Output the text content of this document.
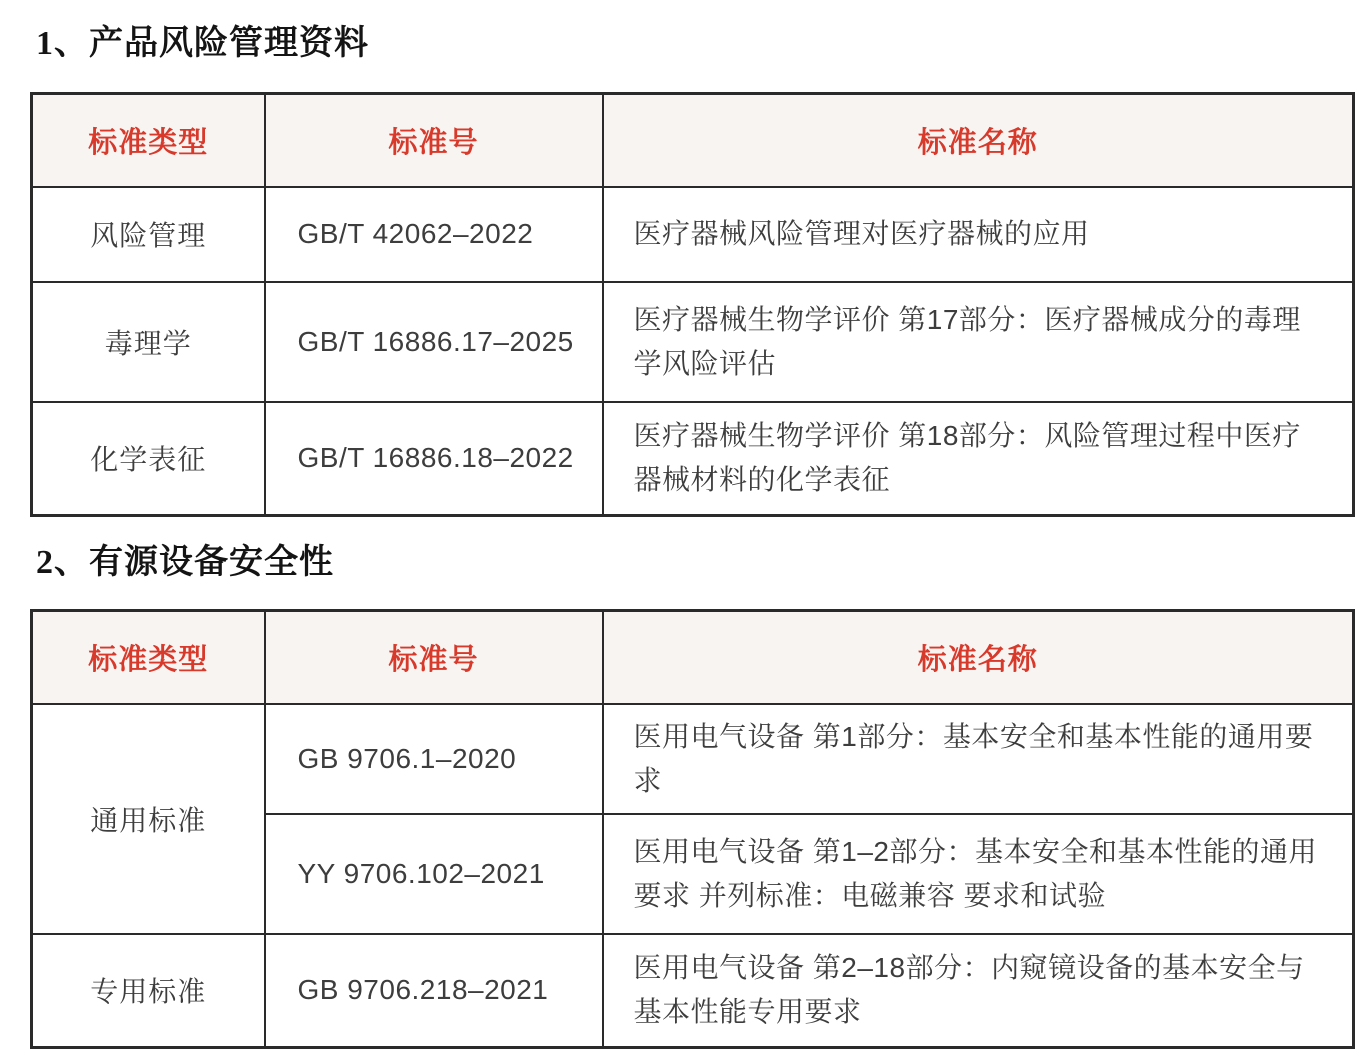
1、产品风险管理资料
标准类型	标准号	标准名称
风险管理	GB/T 42062–2022	医疗器械风险管理对医疗器械的应用
毒理学	GB/T 16886.17–2025	医疗器械生物学评价 第17部分：医疗器械成分的毒理学风险评估
化学表征	GB/T 16886.18–2022	医疗器械生物学评价 第18部分：风险管理过程中医疗器械材料的化学表征
2、有源设备安全性
标准类型	标准号	标准名称
通用标准	GB 9706.1–2020	医用电气设备 第1部分：基本安全和基本性能的通用要求
	YY 9706.102–2021	医用电气设备 第1–2部分：基本安全和基本性能的通用要求 并列标准：电磁兼容 要求和试验
专用标准	GB 9706.218–2021	医用电气设备 第2–18部分：内窥镜设备的基本安全与基本性能专用要求
